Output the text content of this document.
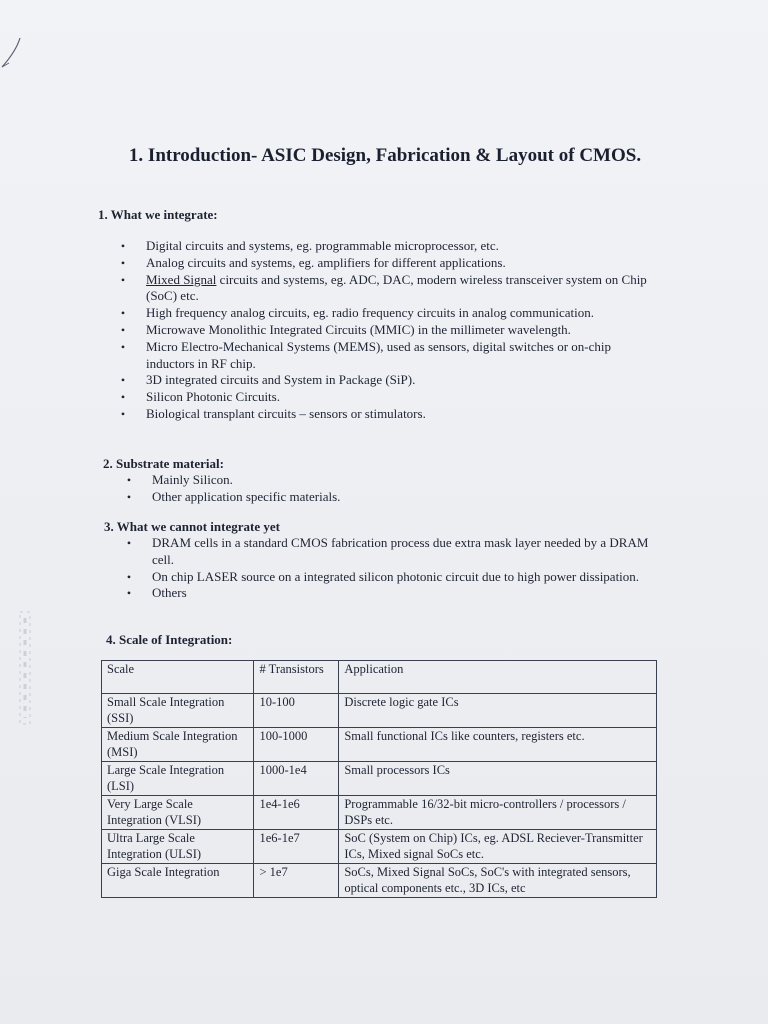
1. Introduction- ASIC Design, Fabrication & Layout of CMOS.
1. What we integrate:
• Digital circuits and systems, eg. programmable microprocessor, etc.
• Analog circuits and systems, eg. amplifiers for different applications.
• Mixed Signal circuits and systems, eg. ADC, DAC, modern wireless transceiver system on Chip (SoC) etc.
• High frequency analog circuits, eg. radio frequency circuits in analog communication.
• Microwave Monolithic Integrated Circuits (MMIC) in the millimeter wavelength.
• Micro Electro-Mechanical Systems (MEMS), used as sensors, digital switches or on-chip inductors in RF chip.
• 3D integrated circuits and System in Package (SiP).
• Silicon Photonic Circuits.
• Biological transplant circuits – sensors or stimulators.
2. Substrate material:
• Mainly Silicon.
• Other application specific materials.
3. What we cannot integrate yet
• DRAM cells in a standard CMOS fabrication process due extra mask layer needed by a DRAM cell.
• On chip LASER source on a integrated silicon photonic circuit due to high power dissipation.
• Others
4. Scale of Integration:
Scale	# Transistors	Application
Small Scale Integration (SSI)	10-100	Discrete logic gate ICs
Medium Scale Integration (MSI)	100-1000	Small functional ICs like counters, registers etc.
Large Scale Integration (LSI)	1000-1e4	Small processors ICs
Very Large Scale Integration (VLSI)	1e4-1e6	Programmable 16/32-bit micro-controllers / processors / DSPs etc.
Ultra Large Scale Integration (ULSI)	1e6-1e7	SoC (System on Chip) ICs, eg. ADSL Reciever-Transmitter ICs, Mixed signal SoCs etc.
Giga Scale Integration	> 1e7	SoCs, Mixed Signal SoCs, SoC's with integrated sensors, optical components etc., 3D ICs, etc
